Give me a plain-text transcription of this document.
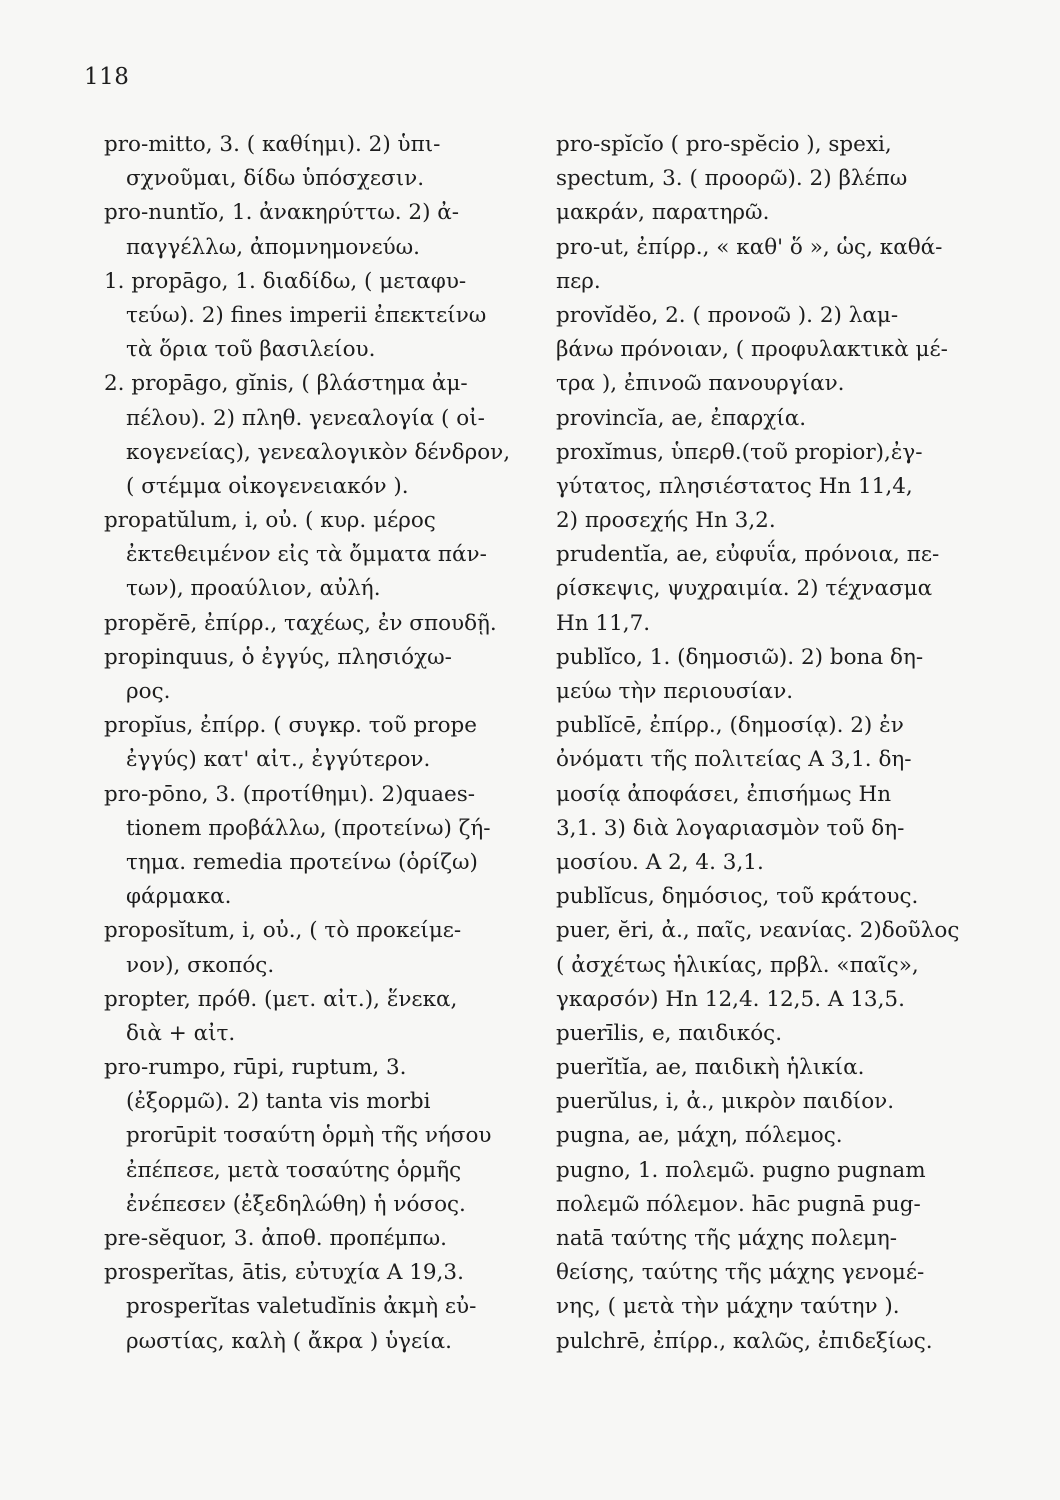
118
pro-mitto, 3. ( καθίημι). 2) ὑπι-
σχνοῦμαι, δίδω ὑπόσχεσιν.
pro-nuntĭo, 1. ἀνακηρύττω. 2) ἀ-
παγγέλλω, ἀπομνημονεύω.
1. propāgo, 1. διαδίδω, ( μεταφυ-
τεύω). 2) fines imperii ἐπεκτείνω
τὰ ὅρια τοῦ βασιλείου.
2. propāgo, gĭnis, ( βλάστημα ἀμ-
πέλου). 2) πληθ. γενεαλογία ( οἰ-
κογενείας), γενεαλογικὸν δένδρον,
( στέμμα οἰκογενειακόν ).
propatŭlum, i, οὐ. ( κυρ. μέρος
ἐκτεθειμένον εἰς τὰ ὄμματα πάν-
των), προαύλιον, αὐλή.
propĕrē, ἐπίρρ., ταχέως, ἐν σπουδῇ.
propinquus, ὁ ἐγγύς, πλησιόχω-
ρος.
propĭus, ἐπίρρ. ( συγκρ. τοῦ prope
ἐγγύς) κατ' αἰτ., ἐγγύτερον.
pro-pōno, 3. (προτίθημι). 2)quaes-
tionem προβάλλω, (προτείνω) ζή-
τημα. remedia προτείνω (ὁρίζω)
φάρμακα.
proposĭtum, i, οὐ., ( τὸ προκείμε-
νον), σκοπός.
propter, πρόθ. (μετ. αἰτ.), ἕνεκα,
διὰ + αἰτ.
pro-rumpo, rūpi, ruptum, 3.
(ἐξορμῶ). 2) tanta vis morbi
prorūpit τοσαύτη ὁρμὴ τῆς νήσου
ἐπέπεσε, μετὰ τοσαύτης ὁρμῆς
ἐνέπεσεν (ἐξεδηλώθη) ἡ νόσος.
pre-sĕquor, 3. ἀποθ. προπέμπω.
prosperĭtas, ātis, εὐτυχία A 19,3.
prosperĭtas valetudĭnis ἀκμὴ εὐ-
ρωστίας, καλὴ ( ἄκρα ) ὑγεία.
pro-spĭcĭo ( pro-spĕcio ), spexi,
spectum, 3. ( προορῶ). 2) βλέπω
μακράν, παρατηρῶ.
pro-ut, ἐπίρρ., « καθ' ὅ », ὡς, καθά-
περ.
provĭdĕo, 2. ( προνοῶ ). 2) λαμ-
βάνω πρόνοιαν, ( προφυλακτικὰ μέ-
τρα ), ἐπινοῶ πανουργίαν.
provincĭa, ae, ἐπαρχία.
proxĭmus, ὑπερθ.(τοῦ propior),ἐγ-
γύτατος, πλησιέστατος Hn 11,4,
2) προσεχής Hn 3,2.
prudentĭa, ae, εὐφυΐα, πρόνοια, πε-
ρίσκεψις, ψυχραιμία. 2) τέχνασμα
Hn 11,7.
publĭco, 1. (δημοσιῶ). 2) bona δη-
μεύω τὴν περιουσίαν.
publĭcē, ἐπίρρ., (δημοσίᾳ). 2) ἐν
ὀνόματι τῆς πολιτείας A 3,1. δη-
μοσίᾳ ἀποφάσει, ἐπισήμως Hn
3,1. 3) διὰ λογαριασμὸν τοῦ δη-
μοσίου. A 2, 4. 3,1.
publĭcus, δημόσιος, τοῦ κράτους.
puer, ĕri, ἀ., παῖς, νεανίας. 2)δοῦλος
( ἀσχέτως ἡλικίας, πρβλ. «παῖς»,
γκαρσόν) Hn 12,4. 12,5. A 13,5.
puerīlis, e, παιδικός.
puerĭtĭa, ae, παιδικὴ ἡλικία.
puerŭlus, i, ἀ., μικρὸν παιδίον.
pugna, ae, μάχη, πόλεμος.
pugno, 1. πολεμῶ. pugno pugnam
πολεμῶ πόλεμον. hāc pugnā pug-
natā ταύτης τῆς μάχης πολεμη-
θείσης, ταύτης τῆς μάχης γενομέ-
νης, ( μετὰ τὴν μάχην ταύτην ).
pulchrē, ἐπίρρ., καλῶς, ἐπιδεξίως.
